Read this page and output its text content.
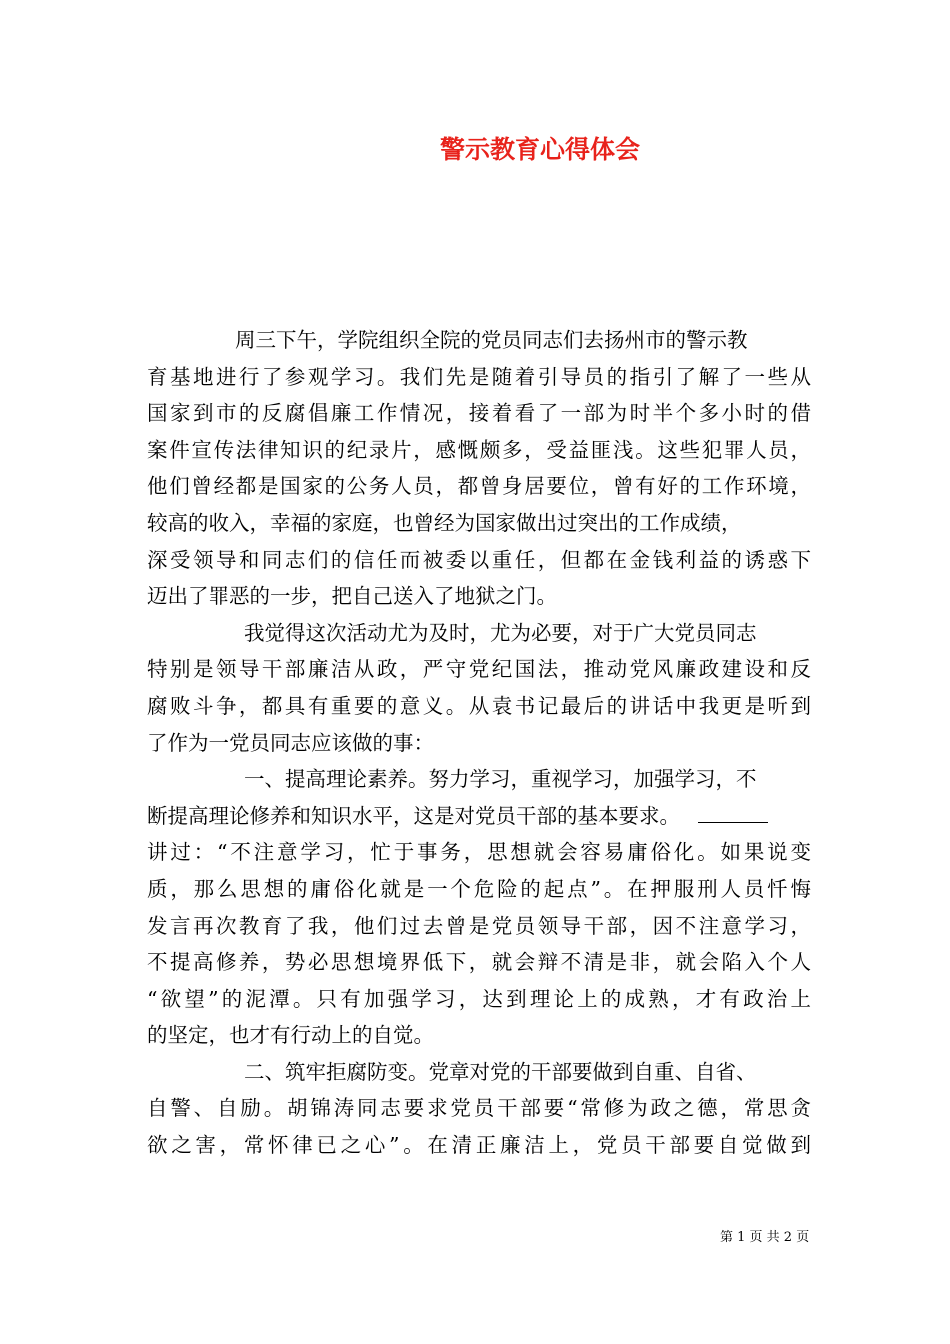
警示教育心得体会
周三下午，学院组织全院的党员同志们去扬州市的警示教
育基地进行了参观学习。我们先是随着引导员的指引了解了一些从
国家到市的反腐倡廉工作情况，接着看了一部为时半个多小时的借
案件宣传法律知识的纪录片，感慨颇多，受益匪浅。这些犯罪人员，
他们曾经都是国家的公务人员，都曾身居要位，曾有好的工作环境，
较高的收入，幸福的家庭，也曾经为国家做出过突出的工作成绩，
深受领导和同志们的信任而被委以重任，但都在金钱利益的诱惑下
迈出了罪恶的一步，把自己送入了地狱之门。
我觉得这次活动尤为及时，尤为必要，对于广大党员同志
特别是领导干部廉洁从政，严守党纪国法，推动党风廉政建设和反
腐败斗争，都具有重要的意义。从袁书记最后的讲话中我更是听到
了作为一党员同志应该做的事：
一、提高理论素养。努力学习，重视学习，加强学习，不
断提高理论修养和知识水平，这是对党员干部的基本要求。
讲过：“不注意学习，忙于事务，思想就会容易庸俗化。如果说变
质，那么思想的庸俗化就是一个危险的起点”。在押服刑人员忏悔
发言再次教育了我，他们过去曾是党员领导干部，因不注意学习，
不提高修养，势必思想境界低下，就会辩不清是非，就会陷入个人
“欲望”的泥潭。只有加强学习，达到理论上的成熟，才有政治上
的坚定，也才有行动上的自觉。
二、筑牢拒腐防变。党章对党的干部要做到自重、自省、
自警、自励。胡锦涛同志要求党员干部要“常修为政之德，常思贪
欲之害，常怀律已之心”。在清正廉洁上，党员干部要自觉做到
第 1 页 共 2 页
